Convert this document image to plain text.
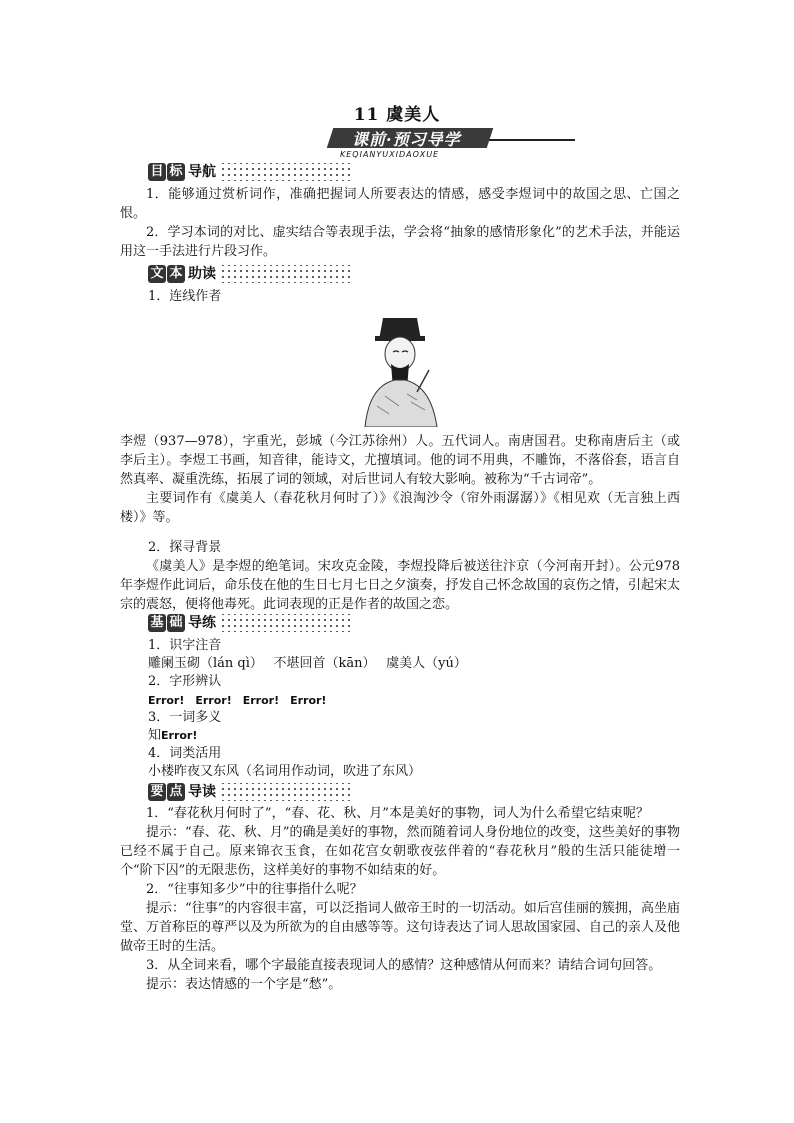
11 虞美人
课前·预习导学
KEQIANYUXIDAOXUE
目 标 导航

1．能够通过赏析词作，准确把握词人所要表达的情感，感受李煜词中的故国之思、亡国之恨。

2．学习本词的对比、虚实结合等表现手法，学会将“抽象的感情形象化”的艺术手法，并能运用这一手法进行片段习作。

文 本 助读
1．连线作者

李煜（937—978），字重光，彭城（今江苏徐州）人。五代词人。南唐国君。史称南唐后主（或李后主）。李煜工书画，知音律，能诗文，尤擅填词。他的词不用典，不雕饰，不落俗套，语言自然真率、凝重洗练，拓展了词的领域，对后世词人有较大影响。被称为“千古词帝”。

主要词作有《虞美人（春花秋月何时了）》《浪淘沙令（帘外雨潺潺）》《相见欢（无言独上西楼）》等。

2．探寻背景

《虞美人》是李煜的绝笔词。宋攻克金陵，李煜投降后被送往汴京（今河南开封）。公元978年李煜作此词后，命乐伎在他的生日七月七日之夕演奏，抒发自己怀念故国的哀伤之情，引起宋太宗的震怒，便将他毒死。此词表现的正是作者的故国之恋。

基 础 导练
1．识字注音
雕阑玉砌（lán qì）　 不堪回首（kān）　 虞美人（yú）
2．字形辨认
Error!　Error!　Error!　Error!
3．一词多义
知Error!
4．词类活用
小楼昨夜又东风（名词用作动词，吹进了东风）
要 点 导读

1．“春花秋月何时了”，“春、花、秋、月”本是美好的事物，词人为什么希望它结束呢？

提示：“春、花、秋、月”的确是美好的事物，然而随着词人身份地位的改变，这些美好的事物已经不属于自己。原来锦衣玉食，在如花宫女朝歌夜弦伴着的“春花秋月”般的生活只能徒增一个“阶下囚”的无限悲伤，这样美好的事物不如结束的好。

2．“往事知多少”中的往事指什么呢？

提示：“往事”的内容很丰富，可以泛指词人做帝王时的一切活动。如后宫佳丽的簇拥，高坐庙堂、万首称臣的尊严以及为所欲为的自由感等等。这句诗表达了词人思故国家园、自己的亲人及他做帝王时的生活。

3．从全词来看，哪个字最能直接表现词人的感情？这种感情从何而来？请结合词句回答。

提示：表达情感的一个字是“愁”。
